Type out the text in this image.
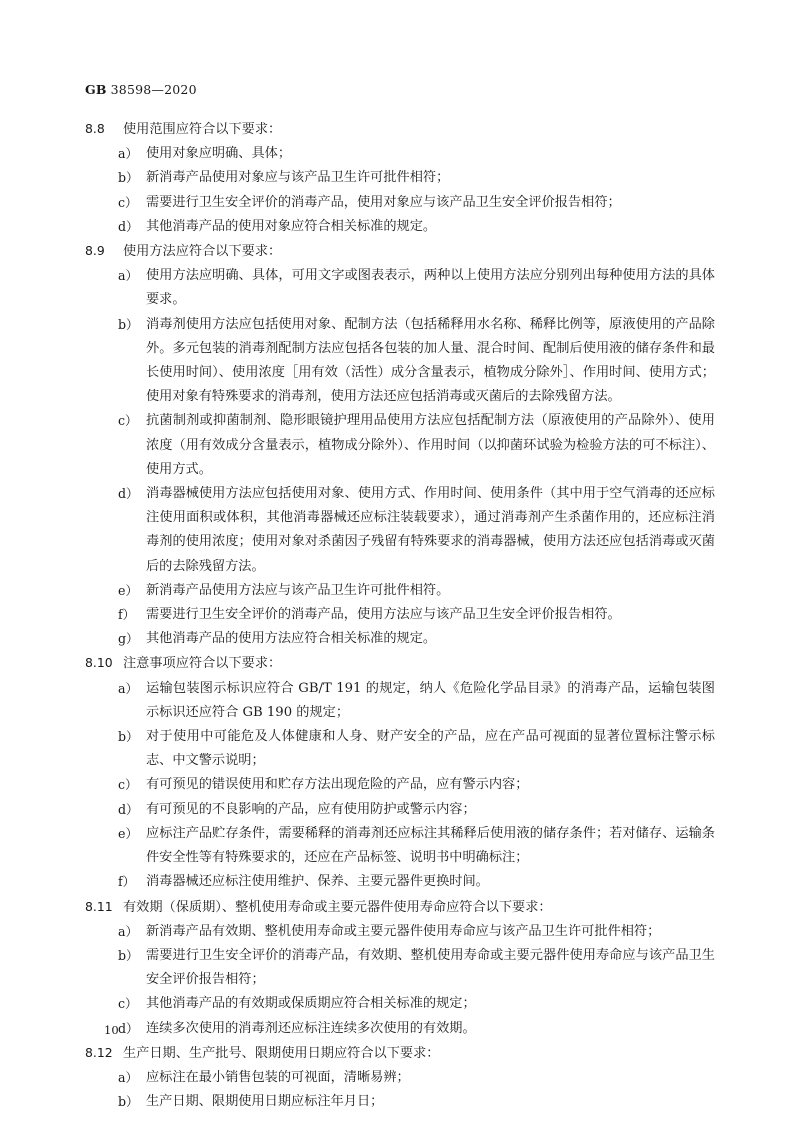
GB 38598—2020
8.8	使用范围应符合以下要求：
a） 使用对象应明确、具体；
b） 新消毒产品使用对象应与该产品卫生许可批件相符；
c） 需要进行卫生安全评价的消毒产品，使用对象应与该产品卫生安全评价报告相符；
d） 其他消毒产品的使用对象应符合相关标准的规定。
8.9	使用方法应符合以下要求：
a） 使用方法应明确、具体，可用文字或图表表示，两种以上使用方法应分别列出每种使用方法的具体要求。
b） 消毒剂使用方法应包括使用对象、配制方法（包括稀释用水名称、稀释比例等，原液使用的产品除外。多元包装的消毒剂配制方法应包括各包装的加人量、混合时间、配制后使用液的储存条件和最长使用时间）、使用浓度［用有效（活性）成分含量表示，植物成分除外］、作用时间、使用方式；使用对象有特殊要求的消毒剂，使用方法还应包括消毒或灭菌后的去除残留方法。
c） 抗菌制剂或抑菌制剂、隐形眼镜护理用品使用方法应包括配制方法（原液使用的产品除外）、使用浓度（用有效成分含量表示，植物成分除外）、作用时间（以抑菌环试验为检验方法的可不标注）、使用方式。
d） 消毒器械使用方法应包括使用对象、使用方式、作用时间、使用条件（其中用于空气消毒的还应标注使用面积或体积，其他消毒器械还应标注装载要求），通过消毒剂产生杀菌作用的，还应标注消毒剂的使用浓度；使用对象对杀菌因子残留有特殊要求的消毒器械，使用方法还应包括消毒或灭菌后的去除残留方法。
e） 新消毒产品使用方法应与该产品卫生许可批件相符。
f） 需要进行卫生安全评价的消毒产品，使用方法应与该产品卫生安全评价报告相符。
g） 其他消毒产品的使用方法应符合相关标准的规定。
8.10 注意事项应符合以下要求：
a） 运输包装图示标识应符合 GB/T 191 的规定，纳人《危险化学品目录》的消毒产品，运输包装图示标识还应符合 GB 190 的规定；
b） 对于使用中可能危及人体健康和人身、财产安全的产品，应在产品可视面的显著位置标注警示标志、中文警示说明；
c） 有可预见的错误使用和贮存方法出现危险的产品，应有警示内容；
d） 有可预见的不良影响的产品，应有使用防护或警示内容；
e） 应标注产品贮存条件，需要稀释的消毒剂还应标注其稀释后使用液的储存条件；若对储存、运输条件安全性等有特殊要求的，还应在产品标签、说明书中明确标注；
f） 消毒器械还应标注使用维护、保养、主要元器件更换时间。
8.11 有效期（保质期）、整机使用寿命或主要元器件使用寿命应符合以下要求：
a） 新消毒产品有效期、整机使用寿命或主要元器件使用寿命应与该产品卫生许可批件相符；
b） 需要进行卫生安全评价的消毒产品，有效期、整机使用寿命或主要元器件使用寿命应与该产品卫生安全评价报告相符；
c） 其他消毒产品的有效期或保质期应符合相关标准的规定；
d） 连续多次使用的消毒剂还应标注连续多次使用的有效期。
8.12 生产日期、生产批号、限期使用日期应符合以下要求：
a） 应标注在最小销售包装的可视面，清晰易辨；
b） 生产日期、限期使用日期应标注年月日；
10
